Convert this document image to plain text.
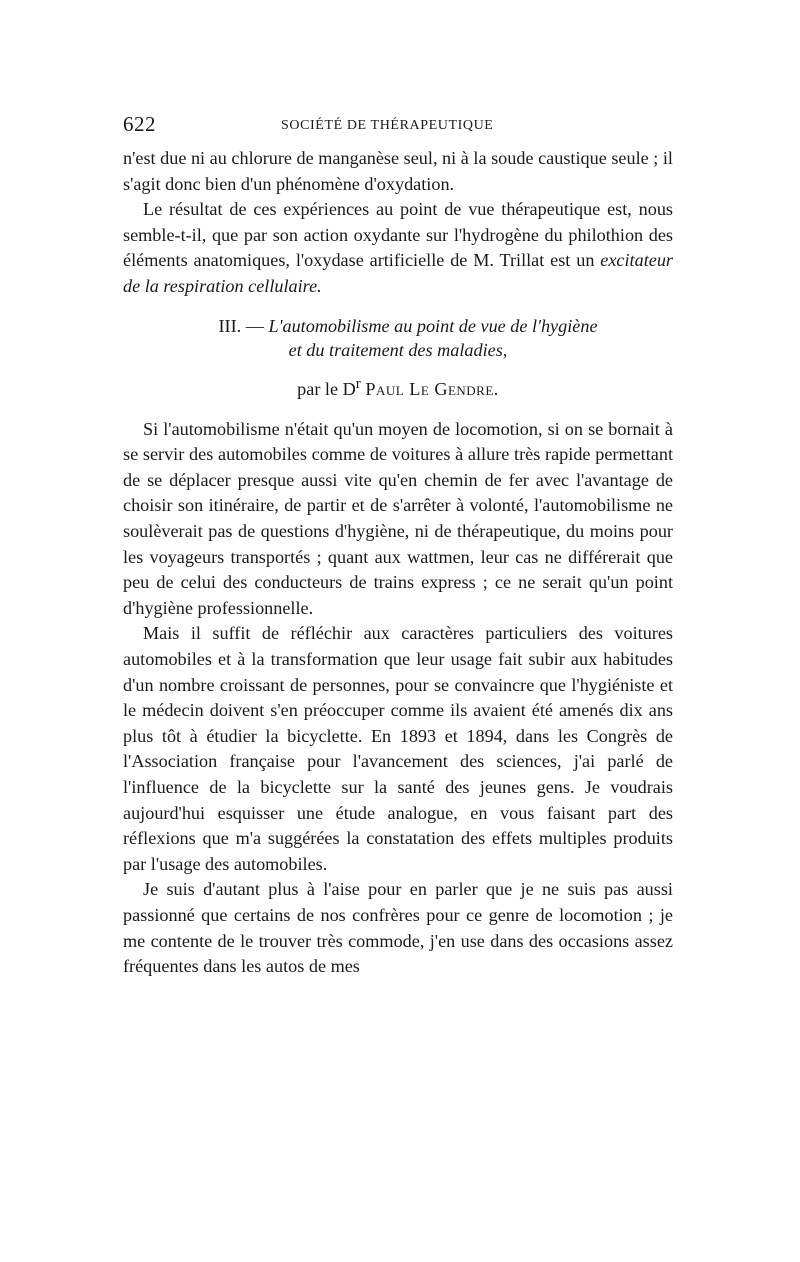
622	SOCIÉTÉ DE THÉRAPEUTIQUE

n'est due ni au chlorure de manganèse seul, ni à la soude caustique seule ; il s'agit donc bien d'un phénomène d'oxydation.

Le résultat de ces expériences au point de vue thérapeutique est, nous semble-t-il, que par son action oxydante sur l'hydrogène du philothion des éléments anatomiques, l'oxydase artificielle de M. Trillat est un excitateur de la respiration cellulaire.

III. — L'automobilisme au point de vue de l'hygiène
et du traitement des maladies,
par le $D^r$ Paul Le Gendre.

Si l'automobilisme n'était qu'un moyen de locomotion, si on se bornait à se servir des automobiles comme de voitures à allure très rapide permettant de se déplacer presque aussi vite qu'en chemin de fer avec l'avantage de choisir son itinéraire, de partir et de s'arrêter à volonté, l'automobilisme ne soulèverait pas de questions d'hygiène, ni de thérapeutique, du moins pour les voyageurs transportés ; quant aux wattmen, leur cas ne différerait que peu de celui des conducteurs de trains express ; ce ne serait qu'un point d'hygiène professionnelle.

Mais il suffit de réfléchir aux caractères particuliers des voitures automobiles et à la transformation que leur usage fait subir aux habitudes d'un nombre croissant de personnes, pour se convaincre que l'hygiéniste et le médecin doivent s'en préoccuper comme ils avaient été amenés dix ans plus tôt à étudier la bicyclette. En 1893 et 1894, dans les Congrès de l'Association française pour l'avancement des sciences, j'ai parlé de l'influence de la bicyclette sur la santé des jeunes gens. Je voudrais aujourd'hui esquisser une étude analogue, en vous faisant part des réflexions que m'a suggérées la constatation des effets multiples produits par l'usage des automobiles.

Je suis d'autant plus à l'aise pour en parler que je ne suis pas aussi passionné que certains de nos confrères pour ce genre de locomotion ; je me contente de le trouver très commode, j'en use dans des occasions assez fréquentes dans les autos de mes
